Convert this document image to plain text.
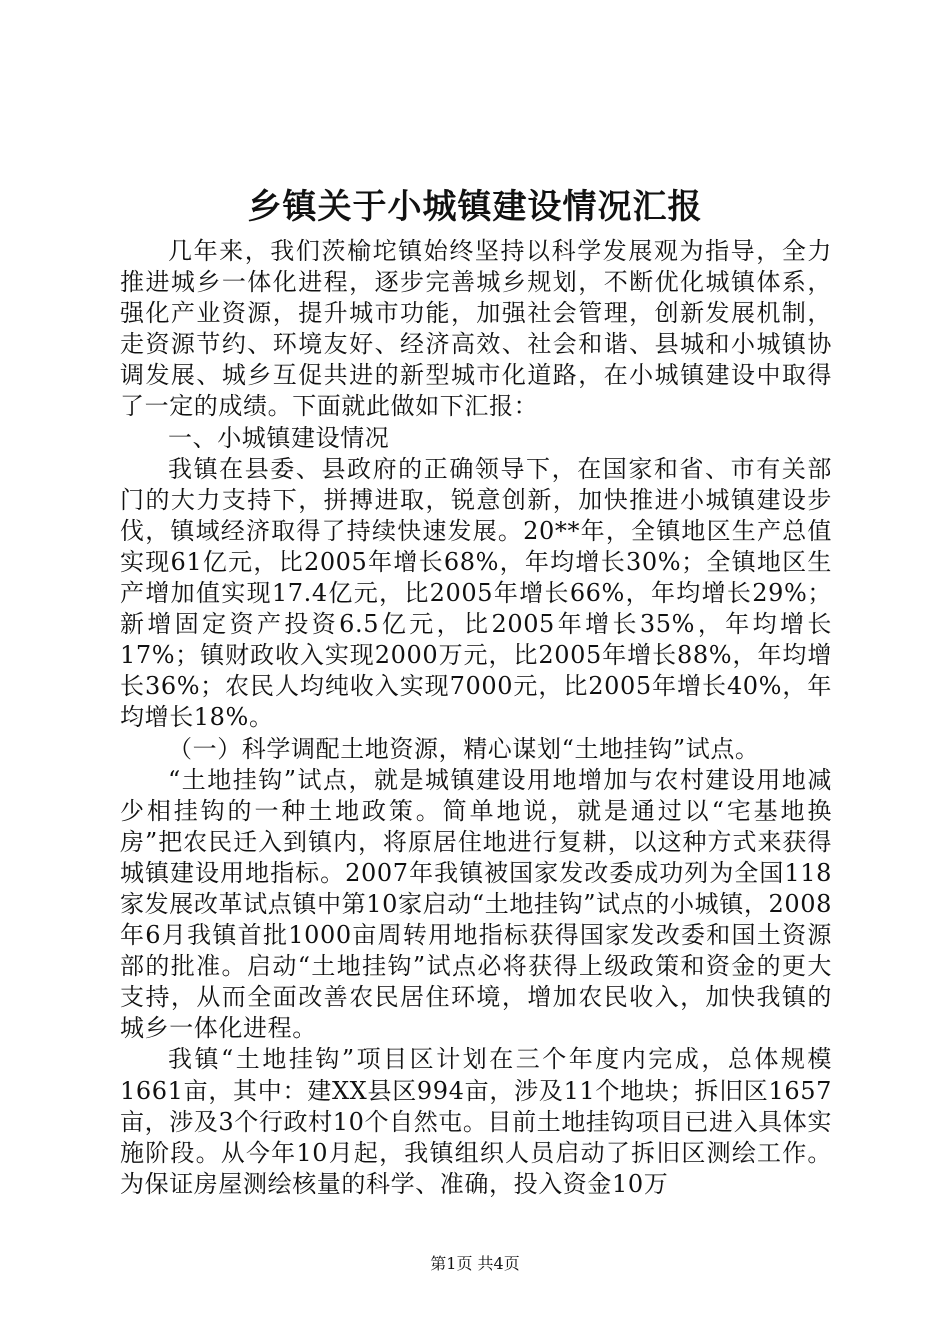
乡镇关于小城镇建设情况汇报

几年来，我们茨榆坨镇始终坚持以科学发展观为指导，全力推进城乡一体化进程，逐步完善城乡规划，不断优化城镇体系，强化产业资源，提升城市功能，加强社会管理，创新发展机制，走资源节约、环境友好、经济高效、社会和谐、县城和小城镇协调发展、城乡互促共进的新型城市化道路，在小城镇建设中取得了一定的成绩。下面就此做如下汇报：

一、小城镇建设情况

我镇在县委、县政府的正确领导下，在国家和省、市有关部门的大力支持下，拼搏进取，锐意创新，加快推进小城镇建设步伐，镇域经济取得了持续快速发展。20**年，全镇地区生产总值实现61亿元，比2005年增长68%，年均增长30%；全镇地区生产增加值实现17.4亿元，比2005年增长66%，年均增长29%；新增固定资产投资6.5亿元，比2005年增长35%，年均增长17%；镇财政收入实现2000万元，比2005年增长88%，年均增长36%；农民人均纯收入实现7000元，比2005年增长40%，年均增长18%。

（一）科学调配土地资源，精心谋划“土地挂钩”试点。

“土地挂钩”试点，就是城镇建设用地增加与农村建设用地减少相挂钩的一种土地政策。简单地说，就是通过以“宅基地换房”把农民迁入到镇内，将原居住地进行复耕，以这种方式来获得城镇建设用地指标。2007年我镇被国家发改委成功列为全国118家发展改革试点镇中第10家启动“土地挂钩”试点的小城镇，2008年6月我镇首批1000亩周转用地指标获得国家发改委和国土资源部的批准。启动“土地挂钩”试点必将获得上级政策和资金的更大支持，从而全面改善农民居住环境，增加农民收入，加快我镇的城乡一体化进程。

我镇“土地挂钩”项目区计划在三个年度内完成，总体规模1661亩，其中：建XX县区994亩，涉及11个地块；拆旧区1657亩，涉及3个行政村10个自然屯。目前土地挂钩项目已进入具体实施阶段。从今年10月起，我镇组织人员启动了拆旧区测绘工作。为保证房屋测绘核量的科学、准确，投入资金10万

第1页 共4页
